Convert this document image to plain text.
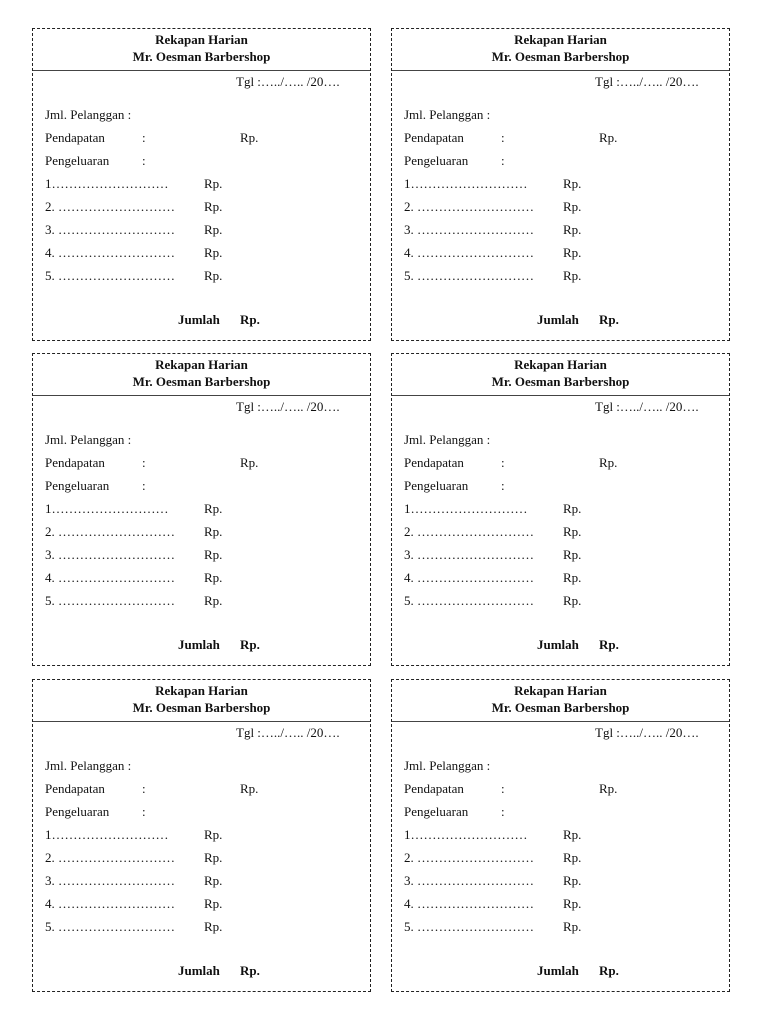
Rekapan Harian
Mr. Oesman Barbershop
Tgl :…../….. /20….
Jml. Pelanggan :
Pendapatan	:	Rp.
Pengeluaran	:
1………………………	Rp.
2. ……………………… Rp.
3. ……………………… Rp.
4. ……………………… Rp.
5. ……………………… Rp.
Jumlah Rp.
Rekapan Harian
Mr. Oesman Barbershop
Tgl :…../….. /20….
Jml. Pelanggan :
Pendapatan	:	Rp.
Pengeluaran	:
1………………………	Rp.
2. ……………………… Rp.
3. ……………………… Rp.
4. ……………………… Rp.
5. ……………………… Rp.
Jumlah Rp.
Rekapan Harian
Mr. Oesman Barbershop
Tgl :…../….. /20….
Jml. Pelanggan :
Pendapatan	:	Rp.
Pengeluaran	:
1………………………	Rp.
2. ……………………… Rp.
3. ……………………… Rp.
4. ……………………… Rp.
5. ……………………… Rp.
Jumlah Rp.
Rekapan Harian
Mr. Oesman Barbershop
Tgl :…../….. /20….
Jml. Pelanggan :
Pendapatan	:	Rp.
Pengeluaran	:
1………………………	Rp.
2. ……………………… Rp.
3. ……………………… Rp.
4. ……………………… Rp.
5. ……………………… Rp.
Jumlah Rp.
Rekapan Harian
Mr. Oesman Barbershop
Tgl :…../….. /20….
Jml. Pelanggan :
Pendapatan	:	Rp.
Pengeluaran	:
1………………………	Rp.
2. ……………………… Rp.
3. ……………………… Rp.
4. ……………………… Rp.
5. ……………………… Rp.
Jumlah Rp.
Rekapan Harian
Mr. Oesman Barbershop
Tgl :…../….. /20….
Jml. Pelanggan :
Pendapatan	:	Rp.
Pengeluaran	:
1………………………	Rp.
2. ……………………… Rp.
3. ……………………… Rp.
4. ……………………… Rp.
5. ……………………… Rp.
Jumlah Rp.
